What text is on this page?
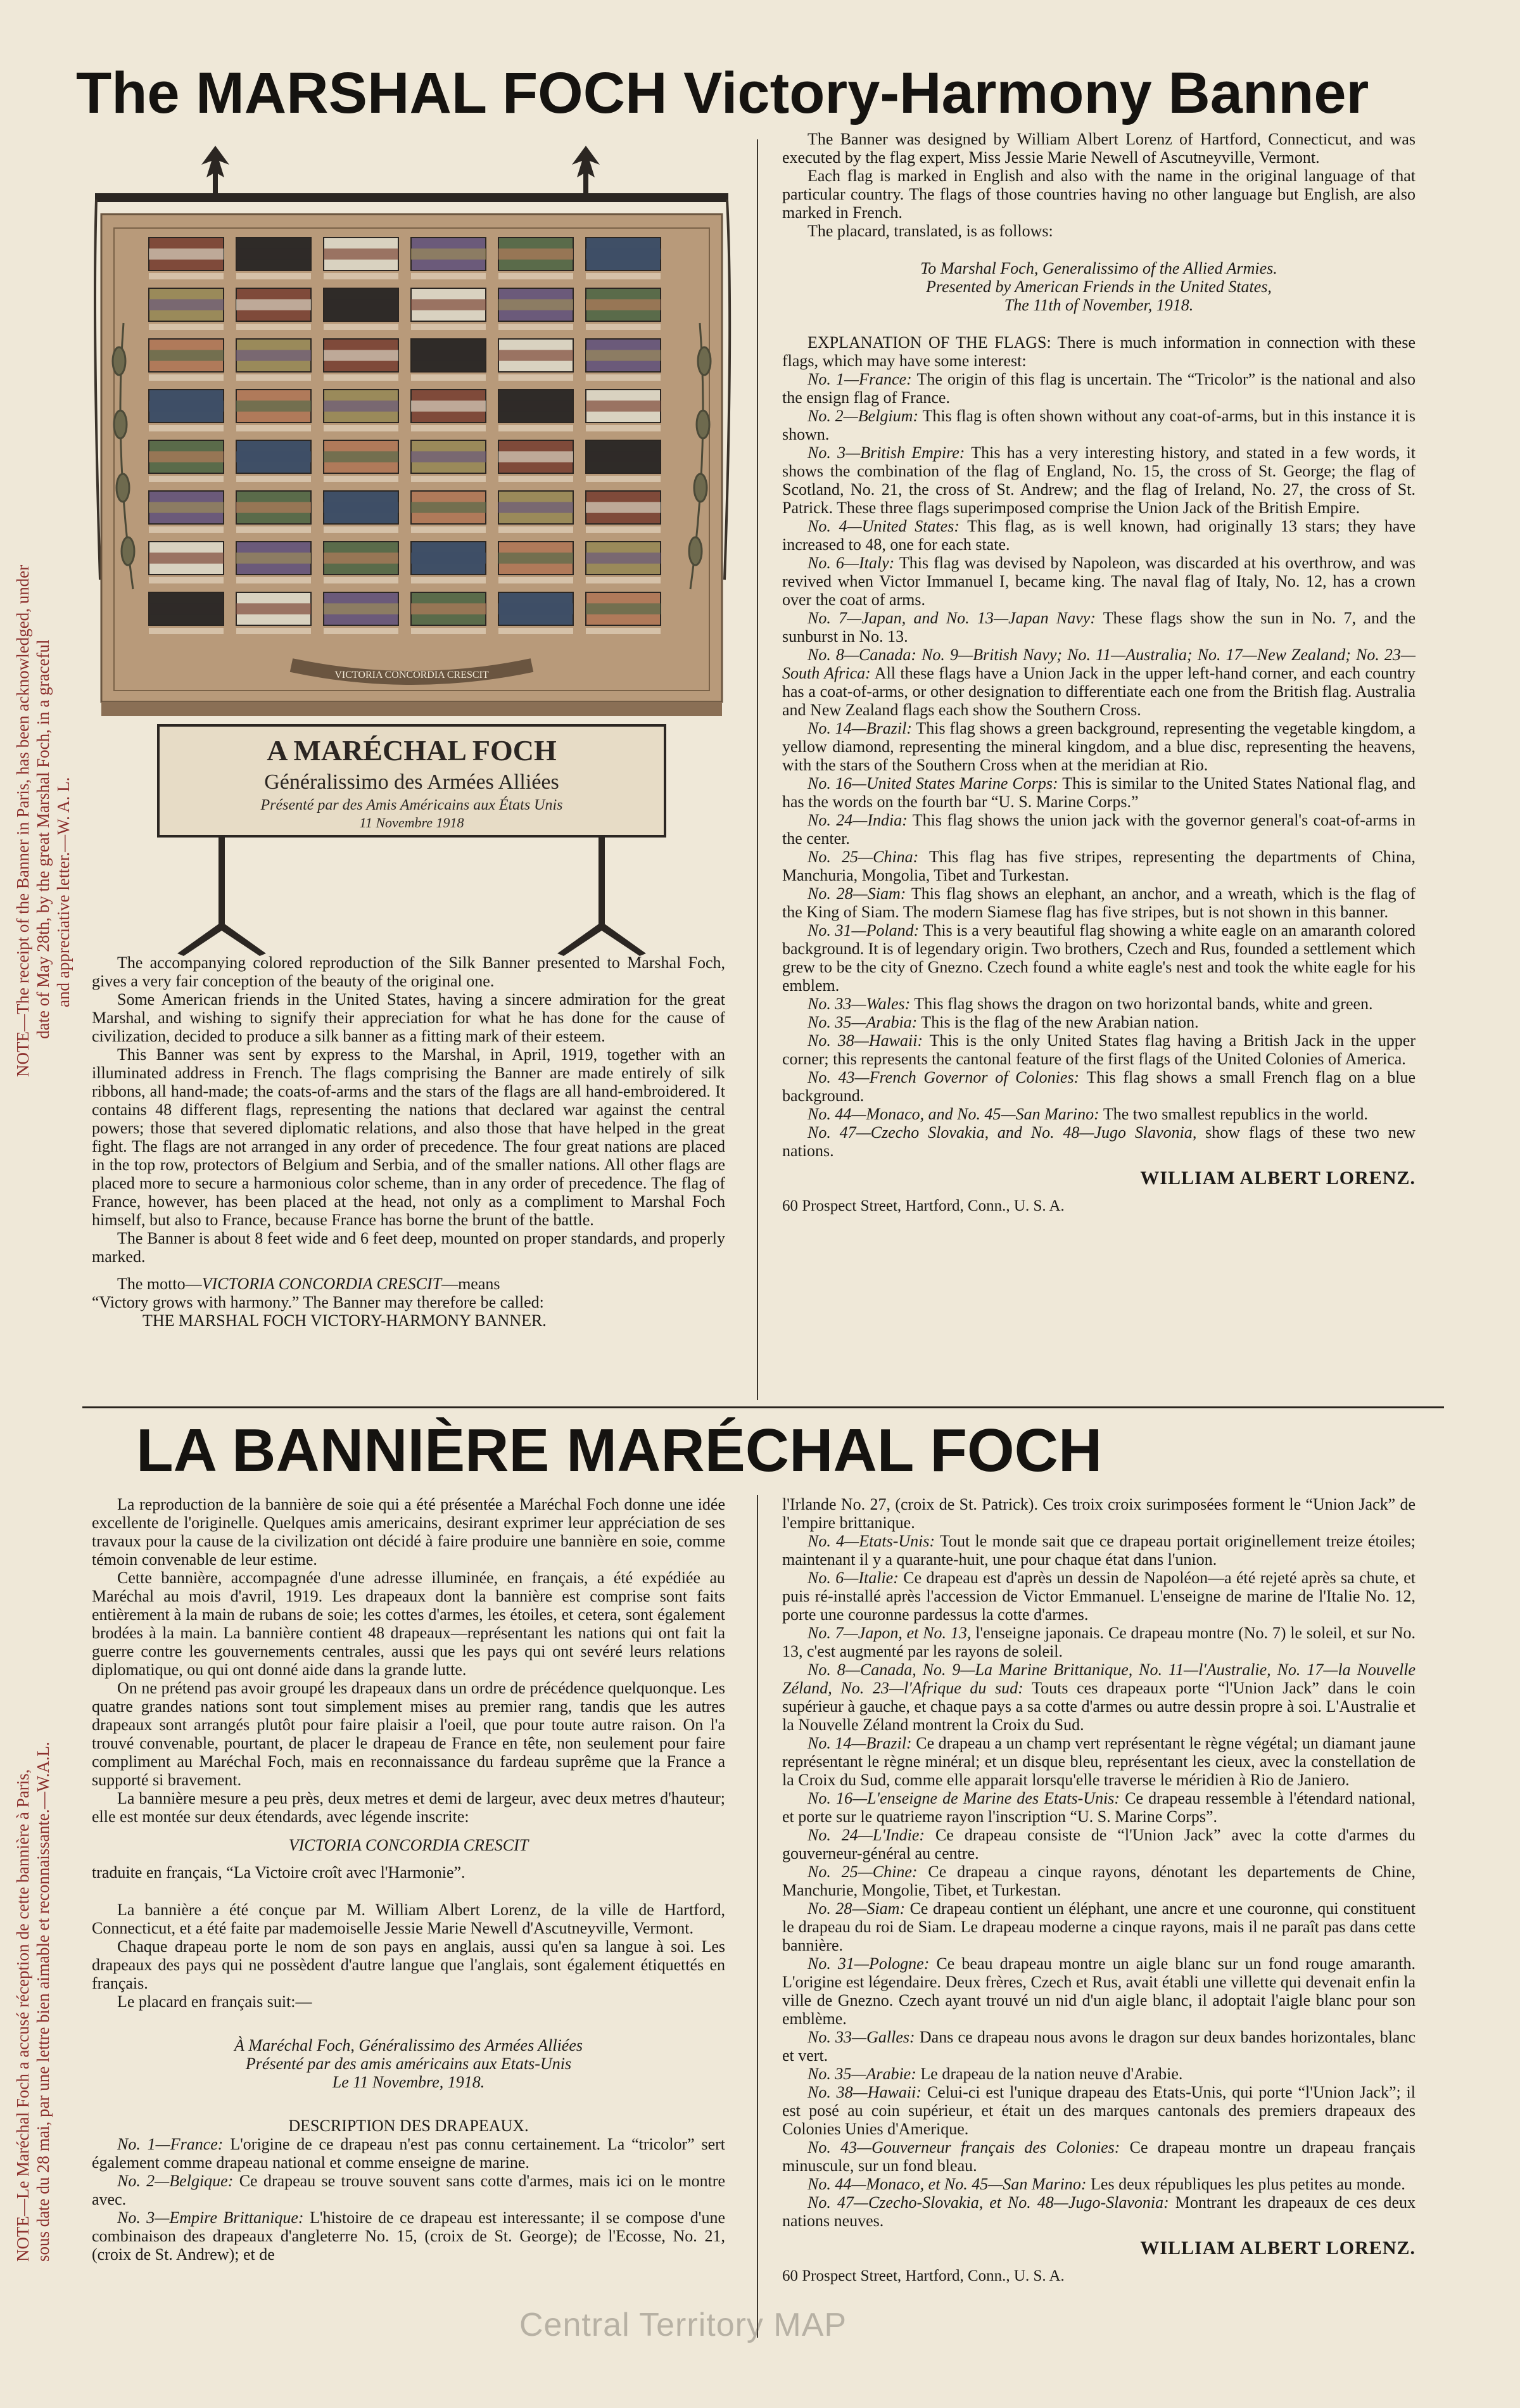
The MARSHAL FOCH Victory-Harmony Banner
LA BANNIÈRE MARÉCHAL FOCH
NOTE—The receipt of the Banner in Paris, has been acknowledged, under date of May 28th, by the great Marshal Foch, in a graceful and appreciative letter.—W. A. L.
NOTE—Le Maréchal Foch a accusé réception de cette bannière à Paris, sous date du 28 mai, par une lettre bien aimable et reconnaissante.—W.A.L.
VICTORIA CONCORDIA CRESCIT
A MARÉCHAL FOCH
Généralissimo des Armées Alliées
Présenté par des Amis Américains aux États Unis
11 Novembre 1918

The accompanying colored reproduction of the Silk Banner presented to Marshal Foch, gives a very fair conception of the beauty of the original one.

Some American friends in the United States, having a sincere admiration for the great Marshal, and wishing to signify their appreciation for what he has done for the cause of civilization, decided to produce a silk banner as a fitting mark of their esteem.

This Banner was sent by express to the Marshal, in April, 1919, together with an illuminated address in French. The flags comprising the Banner are made entirely of silk ribbons, all hand-made; the coats-of-arms and the stars of the flags are all hand-embroidered. It contains 48 different flags, representing the nations that declared war against the central powers; those that severed diplomatic relations, and also those that have helped in the great fight. The flags are not arranged in any order of precedence. The four great nations are placed in the top row, protectors of Belgium and Serbia, and of the smaller nations. All other flags are placed more to secure a harmonious color scheme, than in any order of precedence. The flag of France, however, has been placed at the head, not only as a compliment to Marshal Foch himself, but also to France, because France has borne the brunt of the battle.

The Banner is about 8 feet wide and 6 feet deep, mounted on proper standards, and properly marked.

The motto—VICTORIA CONCORDIA CRESCIT—means

“Victory grows with harmony.” The Banner may therefore be called:

THE MARSHAL FOCH VICTORY-HARMONY BANNER.

The Banner was designed by William Albert Lorenz of Hartford, Connecticut, and was executed by the flag expert, Miss Jessie Marie Newell of Ascutneyville, Vermont.

Each flag is marked in English and also with the name in the original language of that particular country. The flags of those countries having no other language but English, are also marked in French.

The placard, translated, is as follows:

To Marshal Foch, Generalissimo of the Allied Armies.

Presented by American Friends in the United States,

The 11th of November, 1918.

EXPLANATION OF THE FLAGS: There is much information in connection with these flags, which may have some interest:

No. 1—France: The origin of this flag is uncertain. The “Tricolor” is the national and also the ensign flag of France.

No. 2—Belgium: This flag is often shown without any coat-of-arms, but in this instance it is shown.

No. 3—British Empire: This has a very interesting history, and stated in a few words, it shows the combination of the flag of England, No. 15, the cross of St. George; the flag of Scotland, No. 21, the cross of St. Andrew; and the flag of Ireland, No. 27, the cross of St. Patrick. These three flags superimposed comprise the Union Jack of the British Empire.

No. 4—United States: This flag, as is well known, had originally 13 stars; they have increased to 48, one for each state.

No. 6—Italy: This flag was devised by Napoleon, was discarded at his overthrow, and was revived when Victor Immanuel I, became king. The naval flag of Italy, No. 12, has a crown over the coat of arms.

No. 7—Japan, and No. 13—Japan Navy: These flags show the sun in No. 7, and the sunburst in No. 13.

No. 8—Canada: No. 9—British Navy; No. 11—Australia; No. 17—New Zealand; No. 23—South Africa: All these flags have a Union Jack in the upper left-hand corner, and each country has a coat-of-arms, or other designation to differentiate each one from the British flag. Australia and New Zealand flags each show the Southern Cross.

No. 14—Brazil: This flag shows a green background, representing the vegetable kingdom, a yellow diamond, representing the mineral kingdom, and a blue disc, representing the heavens, with the stars of the Southern Cross when at the meridian at Rio.

No. 16—United States Marine Corps: This is similar to the United States National flag, and has the words on the fourth bar “U. S. Marine Corps.”

No. 24—India: This flag shows the union jack with the governor general's coat-of-arms in the center.

No. 25—China: This flag has five stripes, representing the departments of China, Manchuria, Mongolia, Tibet and Turkestan.

No. 28—Siam: This flag shows an elephant, an anchor, and a wreath, which is the flag of the King of Siam. The modern Siamese flag has five stripes, but is not shown in this banner.

No. 31—Poland: This is a very beautiful flag showing a white eagle on an amaranth colored background. It is of legendary origin. Two brothers, Czech and Rus, founded a settlement which grew to be the city of Gnezno. Czech found a white eagle's nest and took the white eagle for his emblem.

No. 33—Wales: This flag shows the dragon on two horizontal bands, white and green.

No. 35—Arabia: This is the flag of the new Arabian nation.

No. 38—Hawaii: This is the only United States flag having a British Jack in the upper corner; this represents the cantonal feature of the first flags of the United Colonies of America.

No. 43—French Governor of Colonies: This flag shows a small French flag on a blue background.

No. 44—Monaco, and No. 45—San Marino: The two smallest republics in the world.

No. 47—Czecho Slovakia, and No. 48—Jugo Slavonia, show flags of these two new nations.

WILLIAM ALBERT LORENZ.
60 Prospect Street, Hartford, Conn., U. S. A.

La reproduction de la bannière de soie qui a été présentée a Maréchal Foch donne une idée excellente de l'originelle. Quelques amis americains, desirant exprimer leur appréciation de ses travaux pour la cause de la civilization ont décidé à faire produire une bannière en soie, comme témoin convenable de leur estime.

Cette bannière, accompagnée d'une adresse illuminée, en français, a été expédiée au Maréchal au mois d'avril, 1919. Les drapeaux dont la bannière est comprise sont faits entièrement à la main de rubans de soie; les cottes d'armes, les étoiles, et cetera, sont également brodées à la main. La bannière contient 48 drapeaux—représentant les nations qui ont fait la guerre contre les gouvernements centrales, aussi que les pays qui ont sevéré leurs relations diplomatique, ou qui ont donné aide dans la grande lutte.

On ne prétend pas avoir groupé les drapeaux dans un ordre de précédence quelquonque. Les quatre grandes nations sont tout simplement mises au premier rang, tandis que les autres drapeaux sont arrangés plutôt pour faire plaisir a l'oeil, que pour toute autre raison. On l'a trouvé convenable, pourtant, de placer le drapeau de France en tête, non seulement pour faire compliment au Maréchal Foch, mais en reconnaissance du fardeau suprême que la France a supporté si bravement.

La bannière mesure a peu près, deux metres et demi de largeur, avec deux metres d'hauteur; elle est montée sur deux étendards, avec légende inscrite:

VICTORIA CONCORDIA CRESCIT

traduite en français, “La Victoire croît avec l'Harmonie”.

La bannière a été conçue par M. William Albert Lorenz, de la ville de Hartford, Connecticut, et a été faite par mademoiselle Jessie Marie Newell d'Ascutneyville, Vermont.

Chaque drapeau porte le nom de son pays en anglais, aussi qu'en sa langue à soi. Les drapeaux des pays qui ne possèdent d'autre langue que l'anglais, sont également étiquettés en français.

Le placard en français suit:—

À Maréchal Foch, Généralissimo des Armées Alliées

Présenté par des amis américains aux Etats-Unis

Le 11 Novembre, 1918.

DESCRIPTION DES DRAPEAUX.

No. 1—France: L'origine de ce drapeau n'est pas connu certainement. La “tricolor” sert également comme drapeau national et comme enseigne de marine.

No. 2—Belgique: Ce drapeau se trouve souvent sans cotte d'armes, mais ici on le montre avec.

No. 3—Empire Brittanique: L'histoire de ce drapeau est interessante; il se compose d'une combinaison des drapeaux d'angleterre No. 15, (croix de St. George); de l'Ecosse, No. 21, (croix de St. Andrew); et de

l'Irlande No. 27, (croix de St. Patrick). Ces troix croix surimposées forment le “Union Jack” de l'empire brittanique.

No. 4—Etats-Unis: Tout le monde sait que ce drapeau portait originellement treize étoiles; maintenant il y a quarante-huit, une pour chaque état dans l'union.

No. 6—Italie: Ce drapeau est d'après un dessin de Napoléon—a été rejeté après sa chute, et puis ré-installé après l'accession de Victor Emmanuel. L'enseigne de marine de l'Italie No. 12, porte une couronne pardessus la cotte d'armes.

No. 7—Japon, et No. 13, l'enseigne japonais. Ce drapeau montre (No. 7) le soleil, et sur No. 13, c'est augmenté par les rayons de soleil.

No. 8—Canada, No. 9—La Marine Brittanique, No. 11—l'Australie, No. 17—la Nouvelle Zéland, No. 23—l'Afrique du sud: Touts ces drapeaux porte “l'Union Jack” dans le coin supérieur à gauche, et chaque pays a sa cotte d'armes ou autre dessin propre à soi. L'Australie et la Nouvelle Zéland montrent la Croix du Sud.

No. 14—Brazil: Ce drapeau a un champ vert représentant le règne végétal; un diamant jaune représentant le règne minéral; et un disque bleu, représentant les cieux, avec la constellation de la Croix du Sud, comme elle apparait lorsqu'elle traverse le méridien à Rio de Janiero.

No. 16—L'enseigne de Marine des Etats-Unis: Ce drapeau ressemble à l'étendard national, et porte sur le quatrieme rayon l'inscription “U. S. Marine Corps”.

No. 24—L'Indie: Ce drapeau consiste de “l'Union Jack” avec la cotte d'armes du gouverneur-général au centre.

No. 25—Chine: Ce drapeau a cinque rayons, dénotant les departements de Chine, Manchurie, Mongolie, Tibet, et Turkestan.

No. 28—Siam: Ce drapeau contient un éléphant, une ancre et une couronne, qui constituent le drapeau du roi de Siam. Le drapeau moderne a cinque rayons, mais il ne paraît pas dans cette bannière.

No. 31—Pologne: Ce beau drapeau montre un aigle blanc sur un fond rouge amaranth. L'origine est légendaire. Deux frères, Czech et Rus, avait établi une villette qui devenait enfin la ville de Gnezno. Czech ayant trouvé un nid d'un aigle blanc, il adoptait l'aigle blanc pour son emblème.

No. 33—Galles: Dans ce drapeau nous avons le dragon sur deux bandes horizontales, blanc et vert.

No. 35—Arabie: Le drapeau de la nation neuve d'Arabie.

No. 38—Hawaii: Celui-ci est l'unique drapeau des Etats-Unis, qui porte “l'Union Jack”; il est posé au coin supérieur, et était un des marques cantonals des premiers drapeaux des Colonies Unies d'Amerique.

No. 43—Gouverneur français des Colonies: Ce drapeau montre un drapeau français minuscule, sur un fond bleau.

No. 44—Monaco, et No. 45—San Marino: Les deux républiques les plus petites au monde.

No. 47—Czecho-Slovakia, et No. 48—Jugo-Slavonia: Montrant les drapeaux de ces deux nations neuves.

WILLIAM ALBERT LORENZ.
60 Prospect Street, Hartford, Conn., U. S. A.
Central Territory MAP
